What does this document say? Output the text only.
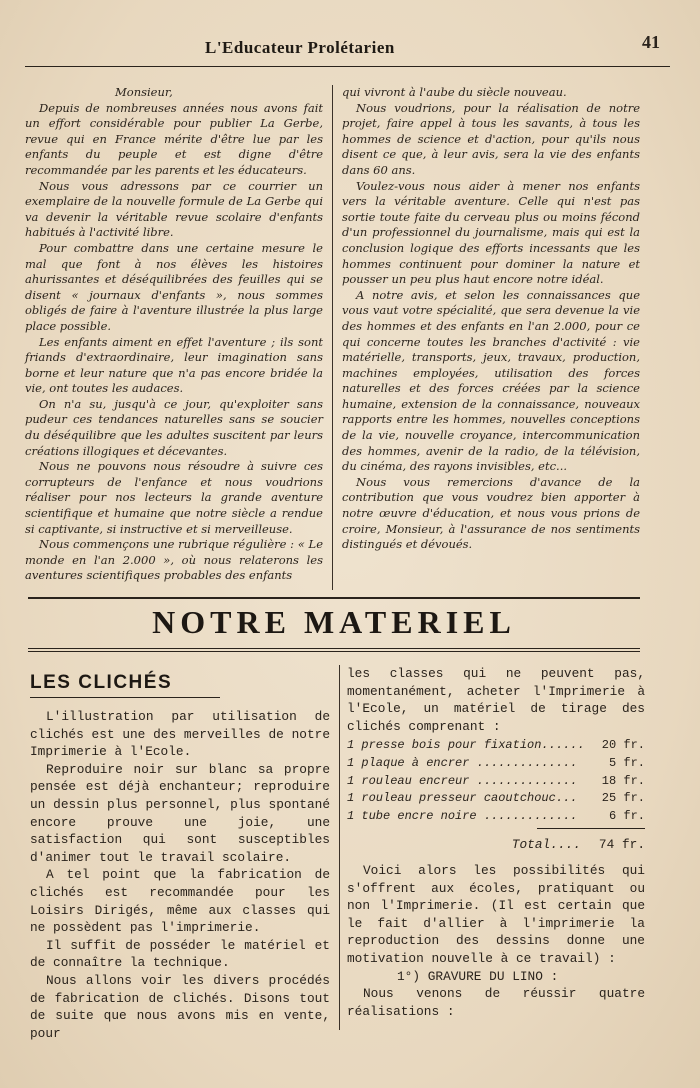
L'Educateur Prolétarien	41

Monsieur,

Depuis de nombreuses années nous avons fait un effort considérable pour publier La Gerbe, revue qui en France mérite d'être lue par les enfants du peuple et est digne d'être recommandée par les parents et les éducateurs.

Nous vous adressons par ce courrier un exemplaire de la nouvelle formule de La Gerbe qui va devenir la véritable revue scolaire d'enfants habitués à l'activité libre.

Pour combattre dans une certaine mesure le mal que font à nos élèves les histoires ahurissantes et déséquilibrées des feuilles qui se disent « journaux d'enfants », nous sommes obligés de faire à l'aventure illustrée la plus large place possible.

Les enfants aiment en effet l'aventure ; ils sont friands d'extraordinaire, leur imagination sans borne et leur nature que n'a pas encore bridée la vie, ont toutes les audaces.

On n'a su, jusqu'à ce jour, qu'exploiter sans pudeur ces tendances naturelles sans se soucier du déséquilibre que les adultes suscitent par leurs créations illogiques et décevantes.

Nous ne pouvons nous résoudre à suivre ces corrupteurs de l'enfance et nous voudrions réaliser pour nos lecteurs la grande aventure scientifique et humaine que notre siècle a rendue si captivante, si instructive et si merveilleuse.

Nous commençons une rubrique régulière : « Le monde en l'an 2.000 », où nous relaterons les aventures scientifiques probables des enfants

qui vivront à l'aube du siècle nouveau.

Nous voudrions, pour la réalisation de notre projet, faire appel à tous les savants, à tous les hommes de science et d'action, pour qu'ils nous disent ce que, à leur avis, sera la vie des enfants dans 60 ans.

Voulez-vous nous aider à mener nos enfants vers la véritable aventure. Celle qui n'est pas sortie toute faite du cerveau plus ou moins fécond d'un professionnel du journalisme, mais qui est la conclusion logique des efforts incessants que les hommes continuent pour dominer la nature et pousser un peu plus haut encore notre idéal.

A notre avis, et selon les connaissances que vous vaut votre spécialité, que sera devenue la vie des hommes et des enfants en l'an 2.000, pour ce qui concerne toutes les branches d'activité : vie matérielle, transports, jeux, travaux, production, machines employées, utilisation des forces naturelles et des forces créées par la science humaine, extension de la connaissance, nouveaux rapports entre les hommes, nouvelles conceptions de la vie, nouvelle croyance, intercommunication des hommes, avenir de la radio, de la télévision, du cinéma, des rayons invisibles, etc...

Nous vous remercions d'avance de la contribution que vous voudrez bien apporter à notre œuvre d'éducation, et nous vous prions de croire, Monsieur, à l'assurance de nos sentiments distingués et dévoués.

NOTRE MATERIEL
LES CLICHÉS

L'illustration par utilisation de clichés est une des merveilles de notre Imprimerie à l'Ecole.

Reproduire noir sur blanc sa propre pensée est déjà enchanteur; reproduire un dessin plus personnel, plus spontané encore prouve une joie, une satisfaction qui sont susceptibles d'animer tout le travail scolaire.

A tel point que la fabrication de clichés est recommandée pour les Loisirs Dirigés, même aux classes qui ne possèdent pas l'imprimerie.

Il suffit de posséder le matériel et de connaître la technique.

Nous allons voir les divers procédés de fabrication de clichés. Disons tout de suite que nous avons mis en vente, pour

les classes qui ne peuvent pas, momentanément, acheter l'Imprimerie à l'Ecole, un matériel de tirage des clichés comprenant :

1 presse bois pour fixation...... 20 fr.
1 plaque à encrer ..............	5 fr.
1 rouleau encreur .............. 18 fr.
1 rouleau presseur caoutchouc... 25 fr.
1 tube encre noire .............	6 fr.
Total.... 74 fr.

Voici alors les possibilités qui s'offrent aux écoles, pratiquant ou non l'Imprimerie. (Il est certain que le fait d'allier à l'imprimerie la reproduction des dessins donne une motivation nouvelle à ce travail) :

1°) GRAVURE DU LINO :

Nous venons de réussir quatre réalisations :
